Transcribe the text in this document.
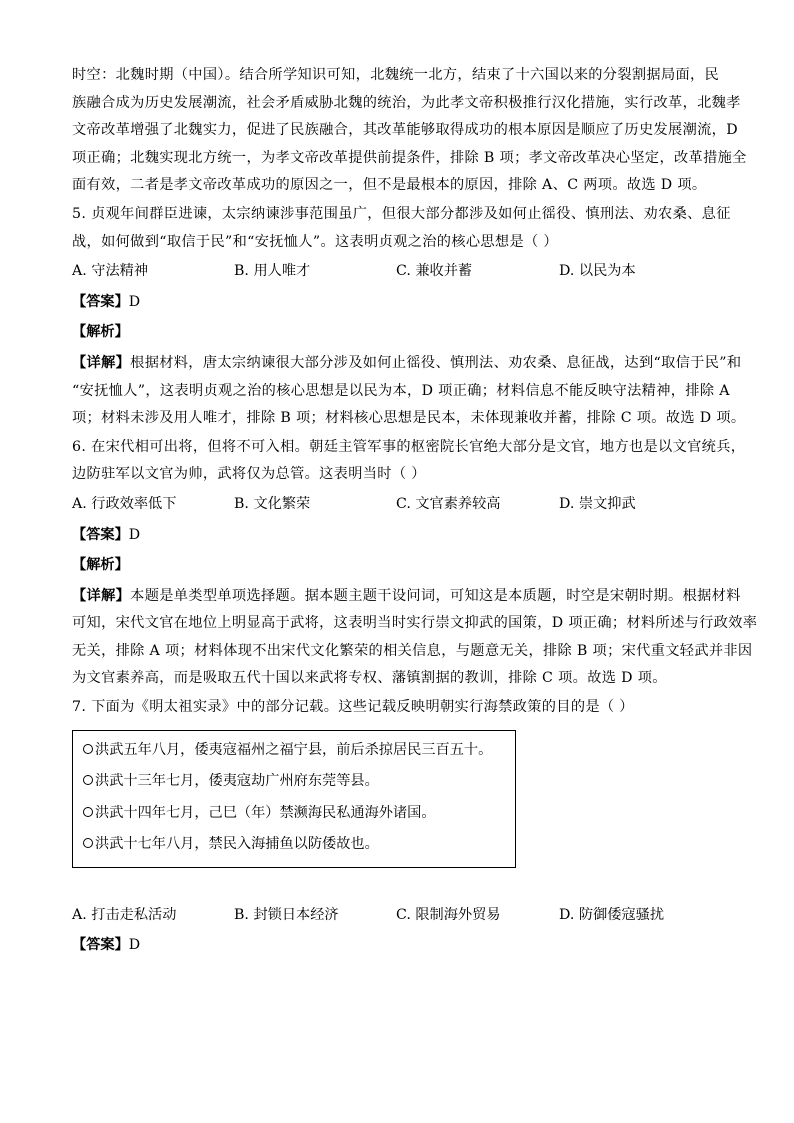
时空：北魏时期（中国）。结合所学知识可知，北魏统一北方，结束了十六国以来的分裂割据局面，民

族融合成为历史发展潮流，社会矛盾威胁北魏的统治，为此孝文帝积极推行汉化措施，实行改革，北魏孝

文帝改革增强了北魏实力，促进了民族融合，其改革能够取得成功的根本原因是顺应了历史发展潮流，D

项正确；北魏实现北方统一，为孝文帝改革提供前提条件，排除 B 项；孝文帝改革决心坚定，改革措施全

面有效，二者是孝文帝改革成功的原因之一，但不是最根本的原因，排除 A、C 两项。故选 D 项。

5. 贞观年间群臣进谏，太宗纳谏涉事范围虽广，但很大部分都涉及如何止徭役、慎刑法、劝农桑、息征

战，如何做到“取信于民”和“安抚恤人”。这表明贞观之治的核心思想是（ ）

A. 守法精神	B. 用人唯才	C. 兼收并蓄	D. 以民为本
【答案】D
【解析】

【详解】根据材料，唐太宗纳谏很大部分涉及如何止徭役、慎刑法、劝农桑、息征战，达到“取信于民”和

“安抚恤人”，这表明贞观之治的核心思想是以民为本，D 项正确；材料信息不能反映守法精神，排除 A

项；材料未涉及用人唯才，排除 B 项；材料核心思想是民本，未体现兼收并蓄，排除 C 项。故选 D 项。

6. 在宋代相可出将，但将不可入相。朝廷主管军事的枢密院长官绝大部分是文官，地方也是以文官统兵，

边防驻军以文官为帅，武将仅为总管。这表明当时（ ）

A. 行政效率低下	B. 文化繁荣	C. 文官素养较高	D. 崇文抑武
【答案】D
【解析】

【详解】本题是单类型单项选择题。据本题主题干设问词，可知这是本质题，时空是宋朝时期。根据材料

可知，宋代文官在地位上明显高于武将，这表明当时实行崇文抑武的国策，D 项正确；材料所述与行政效率

无关，排除 A 项；材料体现不出宋代文化繁荣的相关信息，与题意无关，排除 B 项；宋代重文轻武并非因

为文官素养高，而是吸取五代十国以来武将专权、藩镇割据的教训，排除 C 项。故选 D 项。

7. 下面为《明太祖实录》中的部分记载。这些记载反映明朝实行海禁政策的目的是（ ）

洪武五年八月，倭夷寇福州之福宁县，前后杀掠居民三百五十。
洪武十三年七月，倭夷寇劫广州府东莞等县。
洪武十四年七月，己巳（年）禁濒海民私通海外诸国。
洪武十七年八月，禁民入海捕鱼以防倭故也。
A. 打击走私活动	B. 封锁日本经济	C. 限制海外贸易	D. 防御倭寇骚扰
【答案】D
